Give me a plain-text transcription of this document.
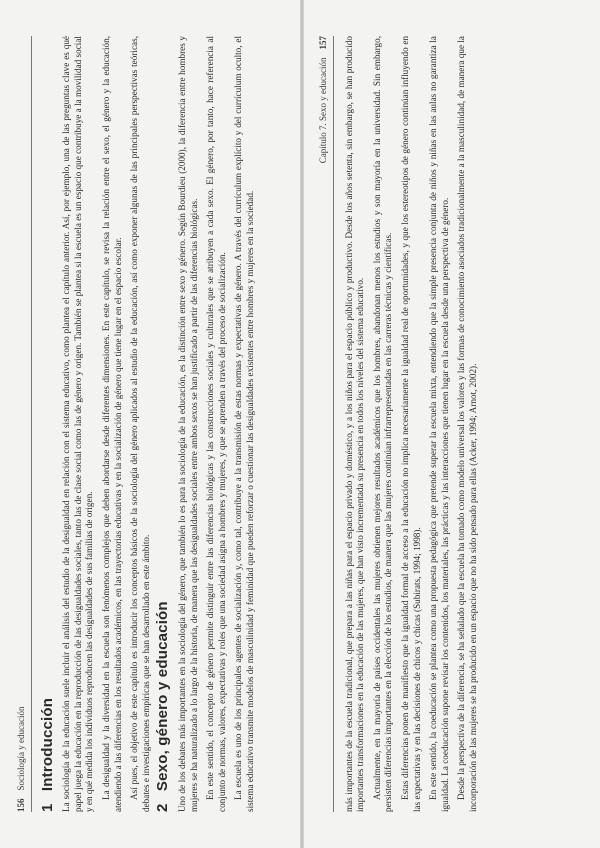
156
Sociología y educación
1 Introducción La sociología de la educación suele incluir el análisis del estudio de la desigualdad en relación con el sistema educativo, como plantea el capítulo anterior. Así, por ejemplo, una de las preguntas clave es qué papel juega la educación en la reproducción de las desigualdades sociales, tanto las de clase social como las de género y origen. También se plantea si la escuela es un espacio que contribuye a la movilidad social y en qué medida los individuos reproducen las desigualdades de sus familias de origen. La desigualdad y la diversidad en la escuela son fenómenos complejos que deben abordarse desde diferentes dimensiones. En este capítulo, se revisa la relación entre el sexo, el género y la educación, atendiendo a las diferencias en los resultados académicos, en las trayectorias educativas y en la socialización de género que tiene lugar en el espacio escolar. Así pues, el objetivo de este capítulo es introducir los conceptos básicos de la sociología del género aplicados al estudio de la educación, así como exponer algunas de las principales perspectivas teóricas, debates e investigaciones empíricas que se han desarrollado en este ámbito. 2 Sexo, género y educación Uno de los debates más importantes en la sociología del género, que también lo es para la sociología de la educación, es la distinción entre sexo y género. Según Bourdieu (2000), la diferencia entre hombres y mujeres se ha naturalizado a lo largo de la historia, de manera que las desigualdades sociales entre ambos sexos se han justificado a partir de las diferencias biológicas. En este sentido, el concepto de género permite distinguir entre las diferencias biológicas y las construcciones sociales y culturales que se atribuyen a cada sexo. El género, por tanto, hace referencia al conjunto de normas, valores, expectativas y roles que una sociedad asigna a hombres y mujeres, y que se aprenden a través del proceso de socialización. La escuela es uno de los principales agentes de socialización y, como tal, contribuye a la transmisión de estas normas y expectativas de género. A través del currículum explícito y del currículum oculto, el sistema educativo transmite modelos de masculinidad y feminidad que pueden reforzar o cuestionar las desigualdades existentes entre hombres y mujeres en la sociedad.

Capítulo 7. Sexo y educación
157 más importantes de la escuela tradicional, que prepara a las niñas para el espacio privado y doméstico, y a los niños para el espacio público y productivo. Desde los años setenta, sin embargo, se han producido importantes transformaciones en la educación de las mujeres, que han visto incrementada su presencia en todos los niveles del sistema educativo. Actualmente, en la mayoría de países occidentales las mujeres obtienen mejores resultados académicos que los hombres, abandonan menos los estudios y son mayoría en la universidad. Sin embargo, persisten diferencias importantes en la elección de los estudios, de manera que las mujeres continúan infrarrepresentadas en las carreras técnicas y científicas. Estas diferencias ponen de manifiesto que la igualdad formal de acceso a la educación no implica necesariamente la igualdad real de oportunidades, y que los estereotipos de género continúan influyendo en las expectativas y en las decisiones de chicos y chicas (Subirats, 1994; 1998). En este sentido, la coeducación se plantea como una propuesta pedagógica que pretende superar la escuela mixta, entendiendo que la simple presencia conjunta de niños y niñas en las aulas no garantiza la igualdad. La coeducación supone revisar los contenidos, los materiales, las prácticas y las interacciones que tienen lugar en la escuela desde una perspectiva de género. Desde la perspectiva de la diferencia, se ha señalado que la escuela ha tomado como modelo universal los valores y las formas de conocimiento asociados tradicionalmente a la masculinidad, de manera que la incorporación de las mujeres se ha producido en un espacio que no ha sido pensado para ellas (Acker, 1994; Arnot, 2002).
